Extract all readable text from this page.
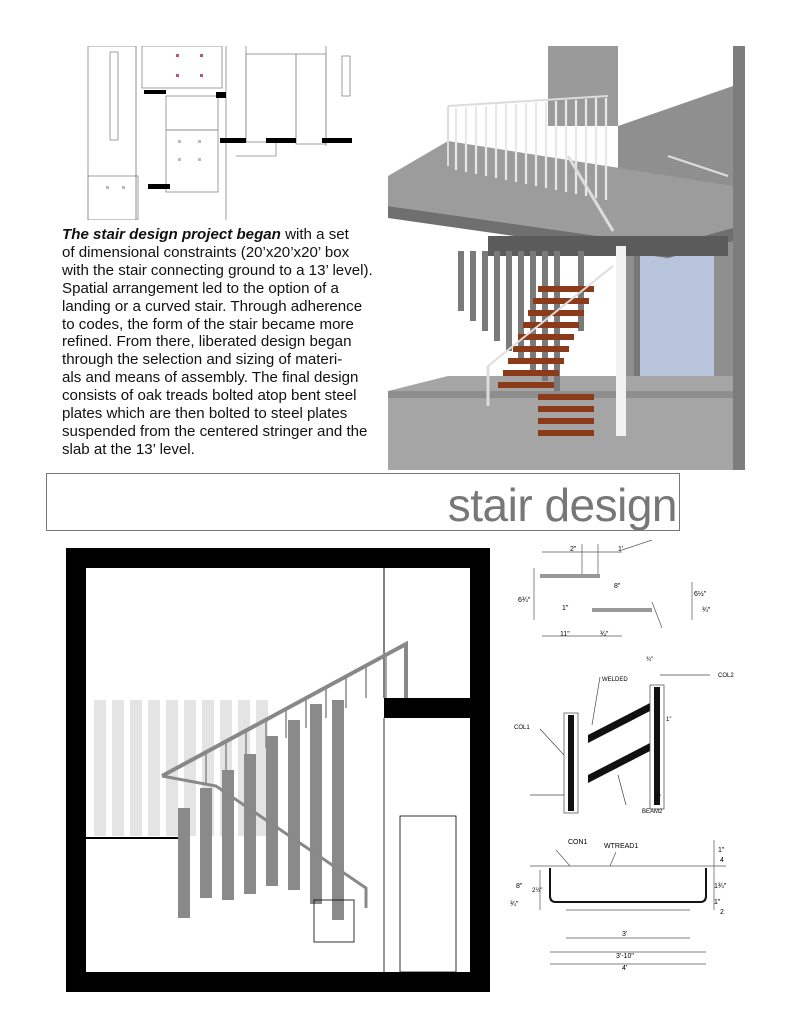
The stair design project began with a set
of dimensional constraints (20’x20’x20’ box
with the stair connecting ground to a 13’ level).
Spatial arrangement led to the option of a
landing or a curved stair. Through adherence
to codes, the form of the stair became more
refined. From there, liberated design began
through the selection and sizing of materi-
als and means of assembly. The final design
consists of oak treads bolted atop bent steel
plates which are then bolted to steel plates
suspended from the centered stringer and the
slab at the 13’ level.
stair design
2"	1'
8"
1"
11"
6¾"
6½"
¾"
¾"
WELDED
COL2
COL1
3"	1"
BEAM2
¾"
½"
CON1
WTREAD1
8"
2½"
¾"
3'
3'-10"
4'
1"
4
1¾"
1"
2
